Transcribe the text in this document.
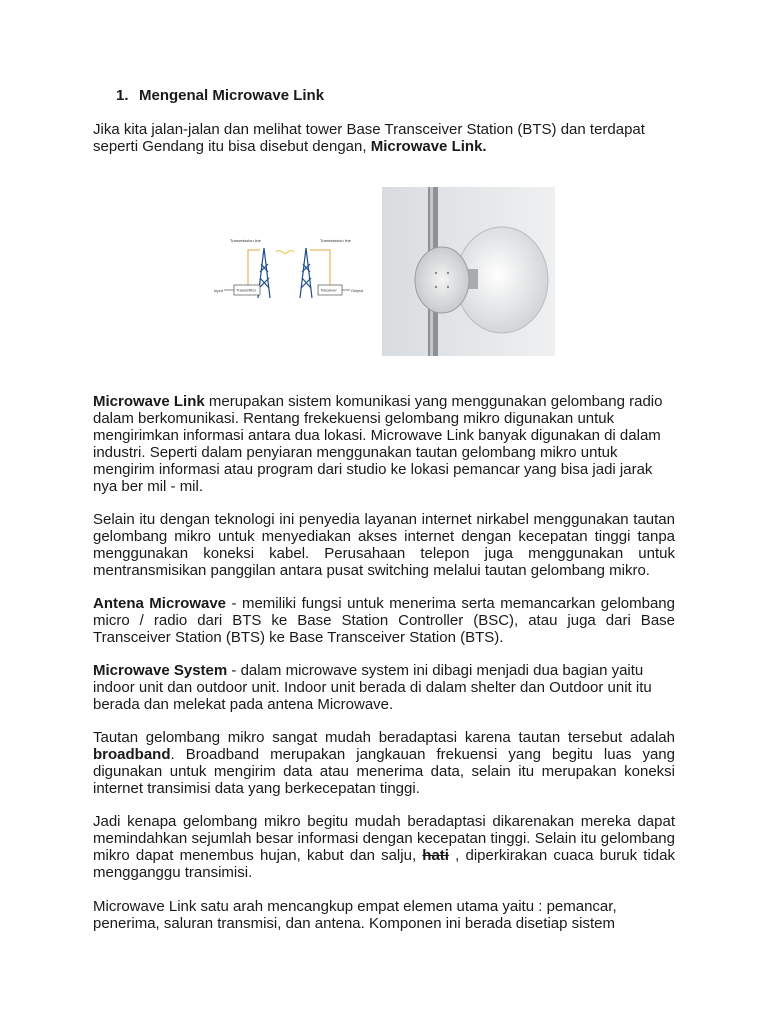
1. Mengenal Microwave Link

Jika kita jalan-jalan dan melihat tower Base Transceiver Station (BTS) dan terdapat seperti Gendang itu bisa disebut dengan, Microwave Link.

Transmission line	Transmission line
Transmitter	Receiver
Input	Output

Microwave Link merupakan sistem komunikasi yang menggunakan gelombang radio dalam berkomunikasi. Rentang frekekuensi gelombang mikro digunakan untuk mengirimkan informasi antara dua lokasi. Microwave Link banyak digunakan di dalam industri. Seperti dalam penyiaran menggunakan tautan gelombang mikro untuk mengirim informasi atau program dari studio ke lokasi pemancar yang bisa jadi jarak nya ber mil - mil.

Selain itu dengan teknologi ini penyedia layanan internet nirkabel menggunakan tautan gelombang mikro untuk menyediakan akses internet dengan kecepatan tinggi tanpa menggunakan koneksi kabel. Perusahaan telepon juga menggunakan untuk mentransmisikan panggilan antara pusat switching melalui tautan gelombang mikro.

Antena Microwave - memiliki fungsi untuk menerima serta memancarkan gelombang micro / radio dari BTS ke Base Station Controller (BSC), atau juga dari Base Transceiver Station (BTS) ke Base Transceiver Station (BTS).

Microwave System - dalam microwave system ini dibagi menjadi dua bagian yaitu indoor unit dan outdoor unit. Indoor unit berada di dalam shelter dan Outdoor unit itu berada dan melekat pada antena Microwave.

Tautan gelombang mikro sangat mudah beradaptasi karena tautan tersebut adalah broadband. Broadband merupakan jangkauan frekuensi yang begitu luas yang digunakan untuk mengirim data atau menerima data, selain itu merupakan koneksi internet transimisi data yang berkecepatan tinggi.

Jadi kenapa gelombang mikro begitu mudah beradaptasi dikarenakan mereka dapat memindahkan sejumlah besar informasi dengan kecepatan tinggi. Selain itu gelombang mikro dapat menembus hujan, kabut dan salju, hati , diperkirakan cuaca buruk tidak mengganggu transimisi.

Microwave Link satu arah mencangkup empat elemen utama yaitu : pemancar, penerima, saluran transmisi, dan antena. Komponen ini berada disetiap sistem
